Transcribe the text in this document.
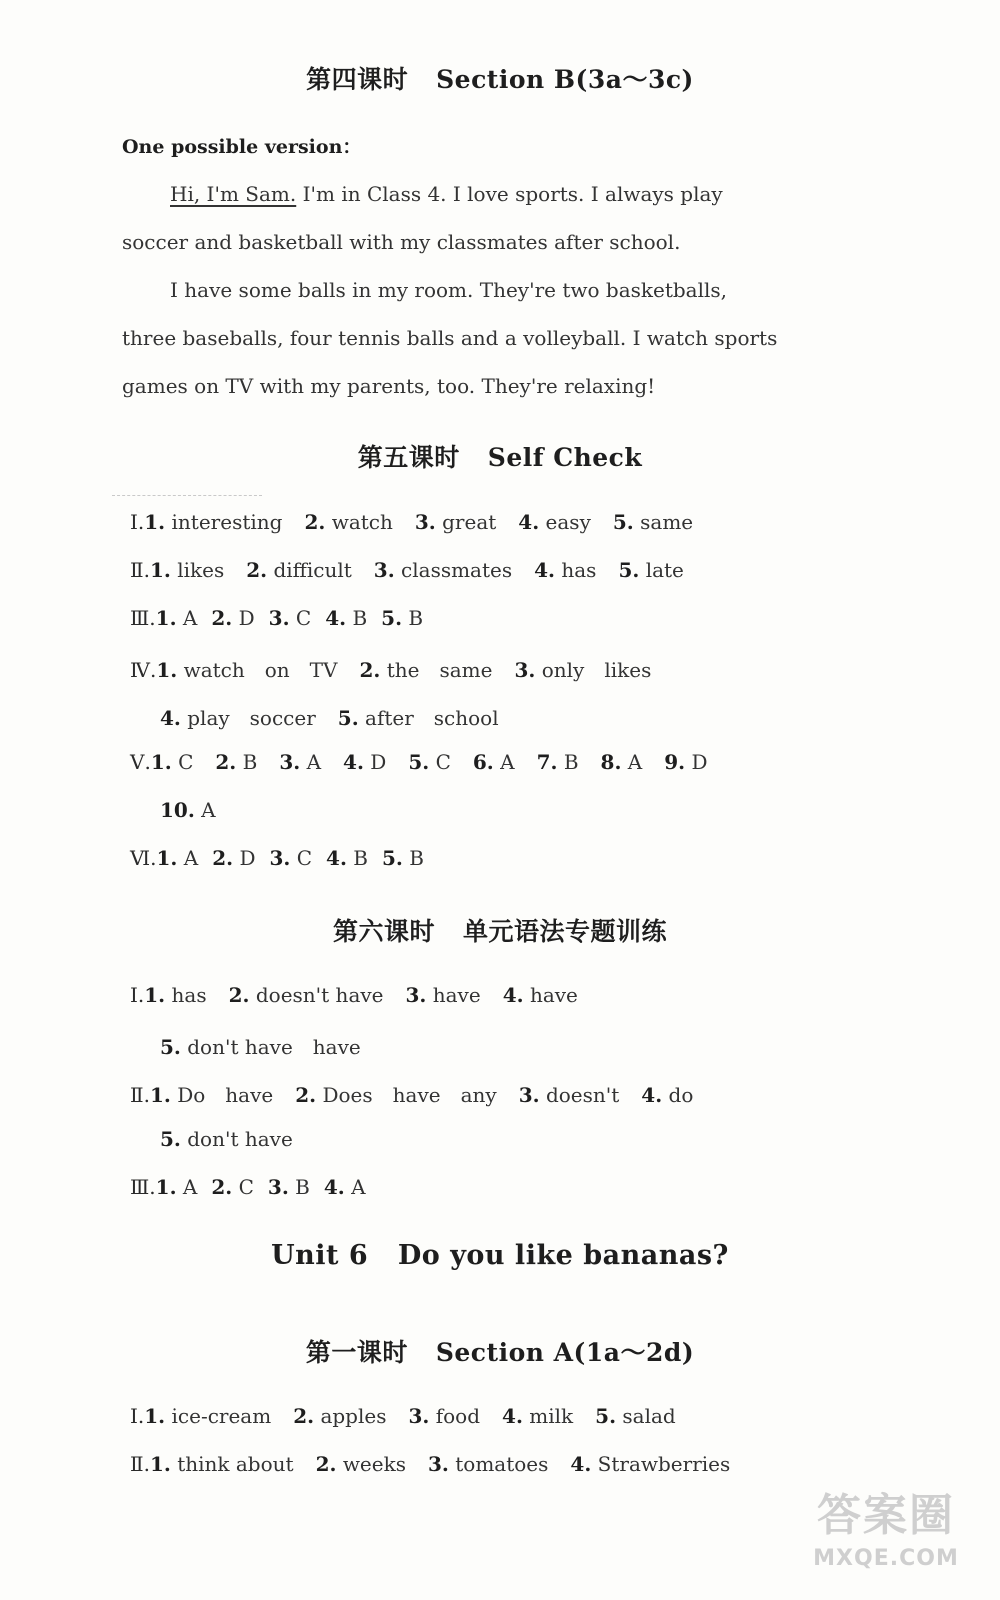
第四课时 Section B(3a～3c)
One possible version：
Hi, I'm Sam. I'm in Class 4. I love sports. I always play
soccer and basketball with my classmates after school.
I have some balls in my room. They're two basketballs,
three baseballs, four tennis balls and a volleyball. I watch sports
games on TV with my parents, too. They're relaxing!
第五课时 Self Check
Ⅰ.1. interesting 2. watch 3. great 4. easy 5. same
Ⅱ.1. likes 2. difficult 3. classmates 4. has 5. late
Ⅲ.1. A 2. D 3. C 4. B 5. B
Ⅳ.1. watch　on　TV 2. the　same 3. only　likes
4. play　soccer 5. after　school
Ⅴ.1. C 2. B 3. A 4. D 5. C 6. A 7. B 8. A 9. D
10. A
Ⅵ.1. A 2. D 3. C 4. B 5. B
第六课时 单元语法专题训练
Ⅰ.1. has 2. doesn't have 3. have 4. have
5. don't have　have
Ⅱ.1. Do　have 2. Does　have　any 3. doesn't 4. do
5. don't have
Ⅲ.1. A 2. C 3. B 4. A
Unit 6   Do you like bananas?
第一课时 Section A(1a～2d)
Ⅰ.1. ice-cream 2. apples 3. food 4. milk 5. salad
Ⅱ.1. think about 2. weeks 3. tomatoes 4. Strawberries
答案圈
MXQE.COM
